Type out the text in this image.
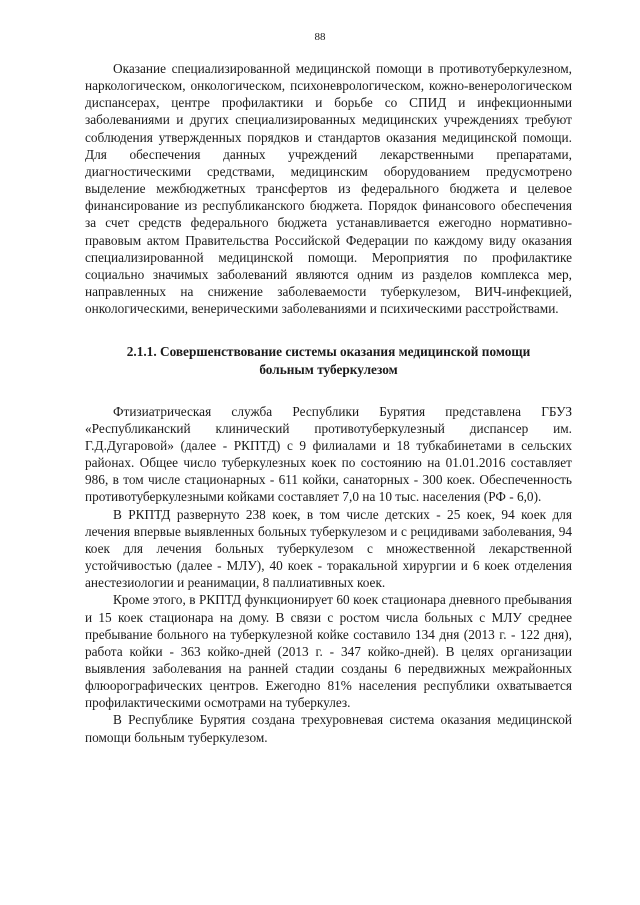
88

Оказание специализированной медицинской помощи в противотуберкулезном, наркологическом, онкологическом, психоневрологическом, кожно-венерологическом диспансерах, центре профилактики и борьбе со СПИД и инфекционными заболеваниями и других специализированных медицинских учреждениях требуют соблюдения утвержденных порядков и стандартов оказания медицинской помощи. Для обеспечения данных учреждений лекарственными препаратами, диагностическими средствами, медицинским оборудованием предусмотрено выделение межбюджетных трансфертов из федерального бюджета и целевое финансирование из республиканского бюджета. Порядок финансового обеспечения за счет средств федерального бюджета устанавливается ежегодно нормативно-правовым актом Правительства Российской Федерации по каждому виду оказания специализированной медицинской помощи. Мероприятия по профилактике социально значимых заболеваний являются одним из разделов комплекса мер, направленных на снижение заболеваемости туберкулезом, ВИЧ-инфекцией, онкологическими, венерическими заболеваниями и психическими расстройствами.

2.1.1. Совершенствование системы оказания медицинской помощи больным туберкулезом

Фтизиатрическая служба Республики Бурятия представлена ГБУЗ «Республиканский клинический противотуберкулезный диспансер им. Г.Д.Дугаровой» (далее - РКПТД) с 9 филиалами и 18 тубкабинетами в сельских районах. Общее число туберкулезных коек по состоянию на 01.01.2016 составляет 986, в том числе стационарных - 611 койки, санаторных - 300 коек. Обеспеченность противотуберкулезными койками составляет 7,0 на 10 тыс. населения (РФ - 6,0).

В РКПТД развернуто 238 коек, в том числе детских - 25 коек, 94 коек для лечения впервые выявленных больных туберкулезом и с рецидивами заболевания, 94 коек для лечения больных туберкулезом с множественной лекарственной устойчивостью (далее - МЛУ), 40 коек - торакальной хирургии и 6 коек отделения анестезиологии и реанимации, 8 паллиативных коек.

Кроме этого, в РКПТД функционирует 60 коек стационара дневного пребывания и 15 коек стационара на дому. В связи с ростом числа больных с МЛУ среднее пребывание больного на туберкулезной койке составило 134 дня (2013 г. - 122 дня), работа койки - 363 койко-дней (2013 г. - 347 койко-дней). В целях организации выявления заболевания на ранней стадии созданы 6 передвижных межрайонных флюорографических центров. Ежегодно 81% населения республики охватывается профилактическими осмотрами на туберкулез.

В Республике Бурятия создана трехуровневая система оказания медицинской помощи больным туберкулезом.
